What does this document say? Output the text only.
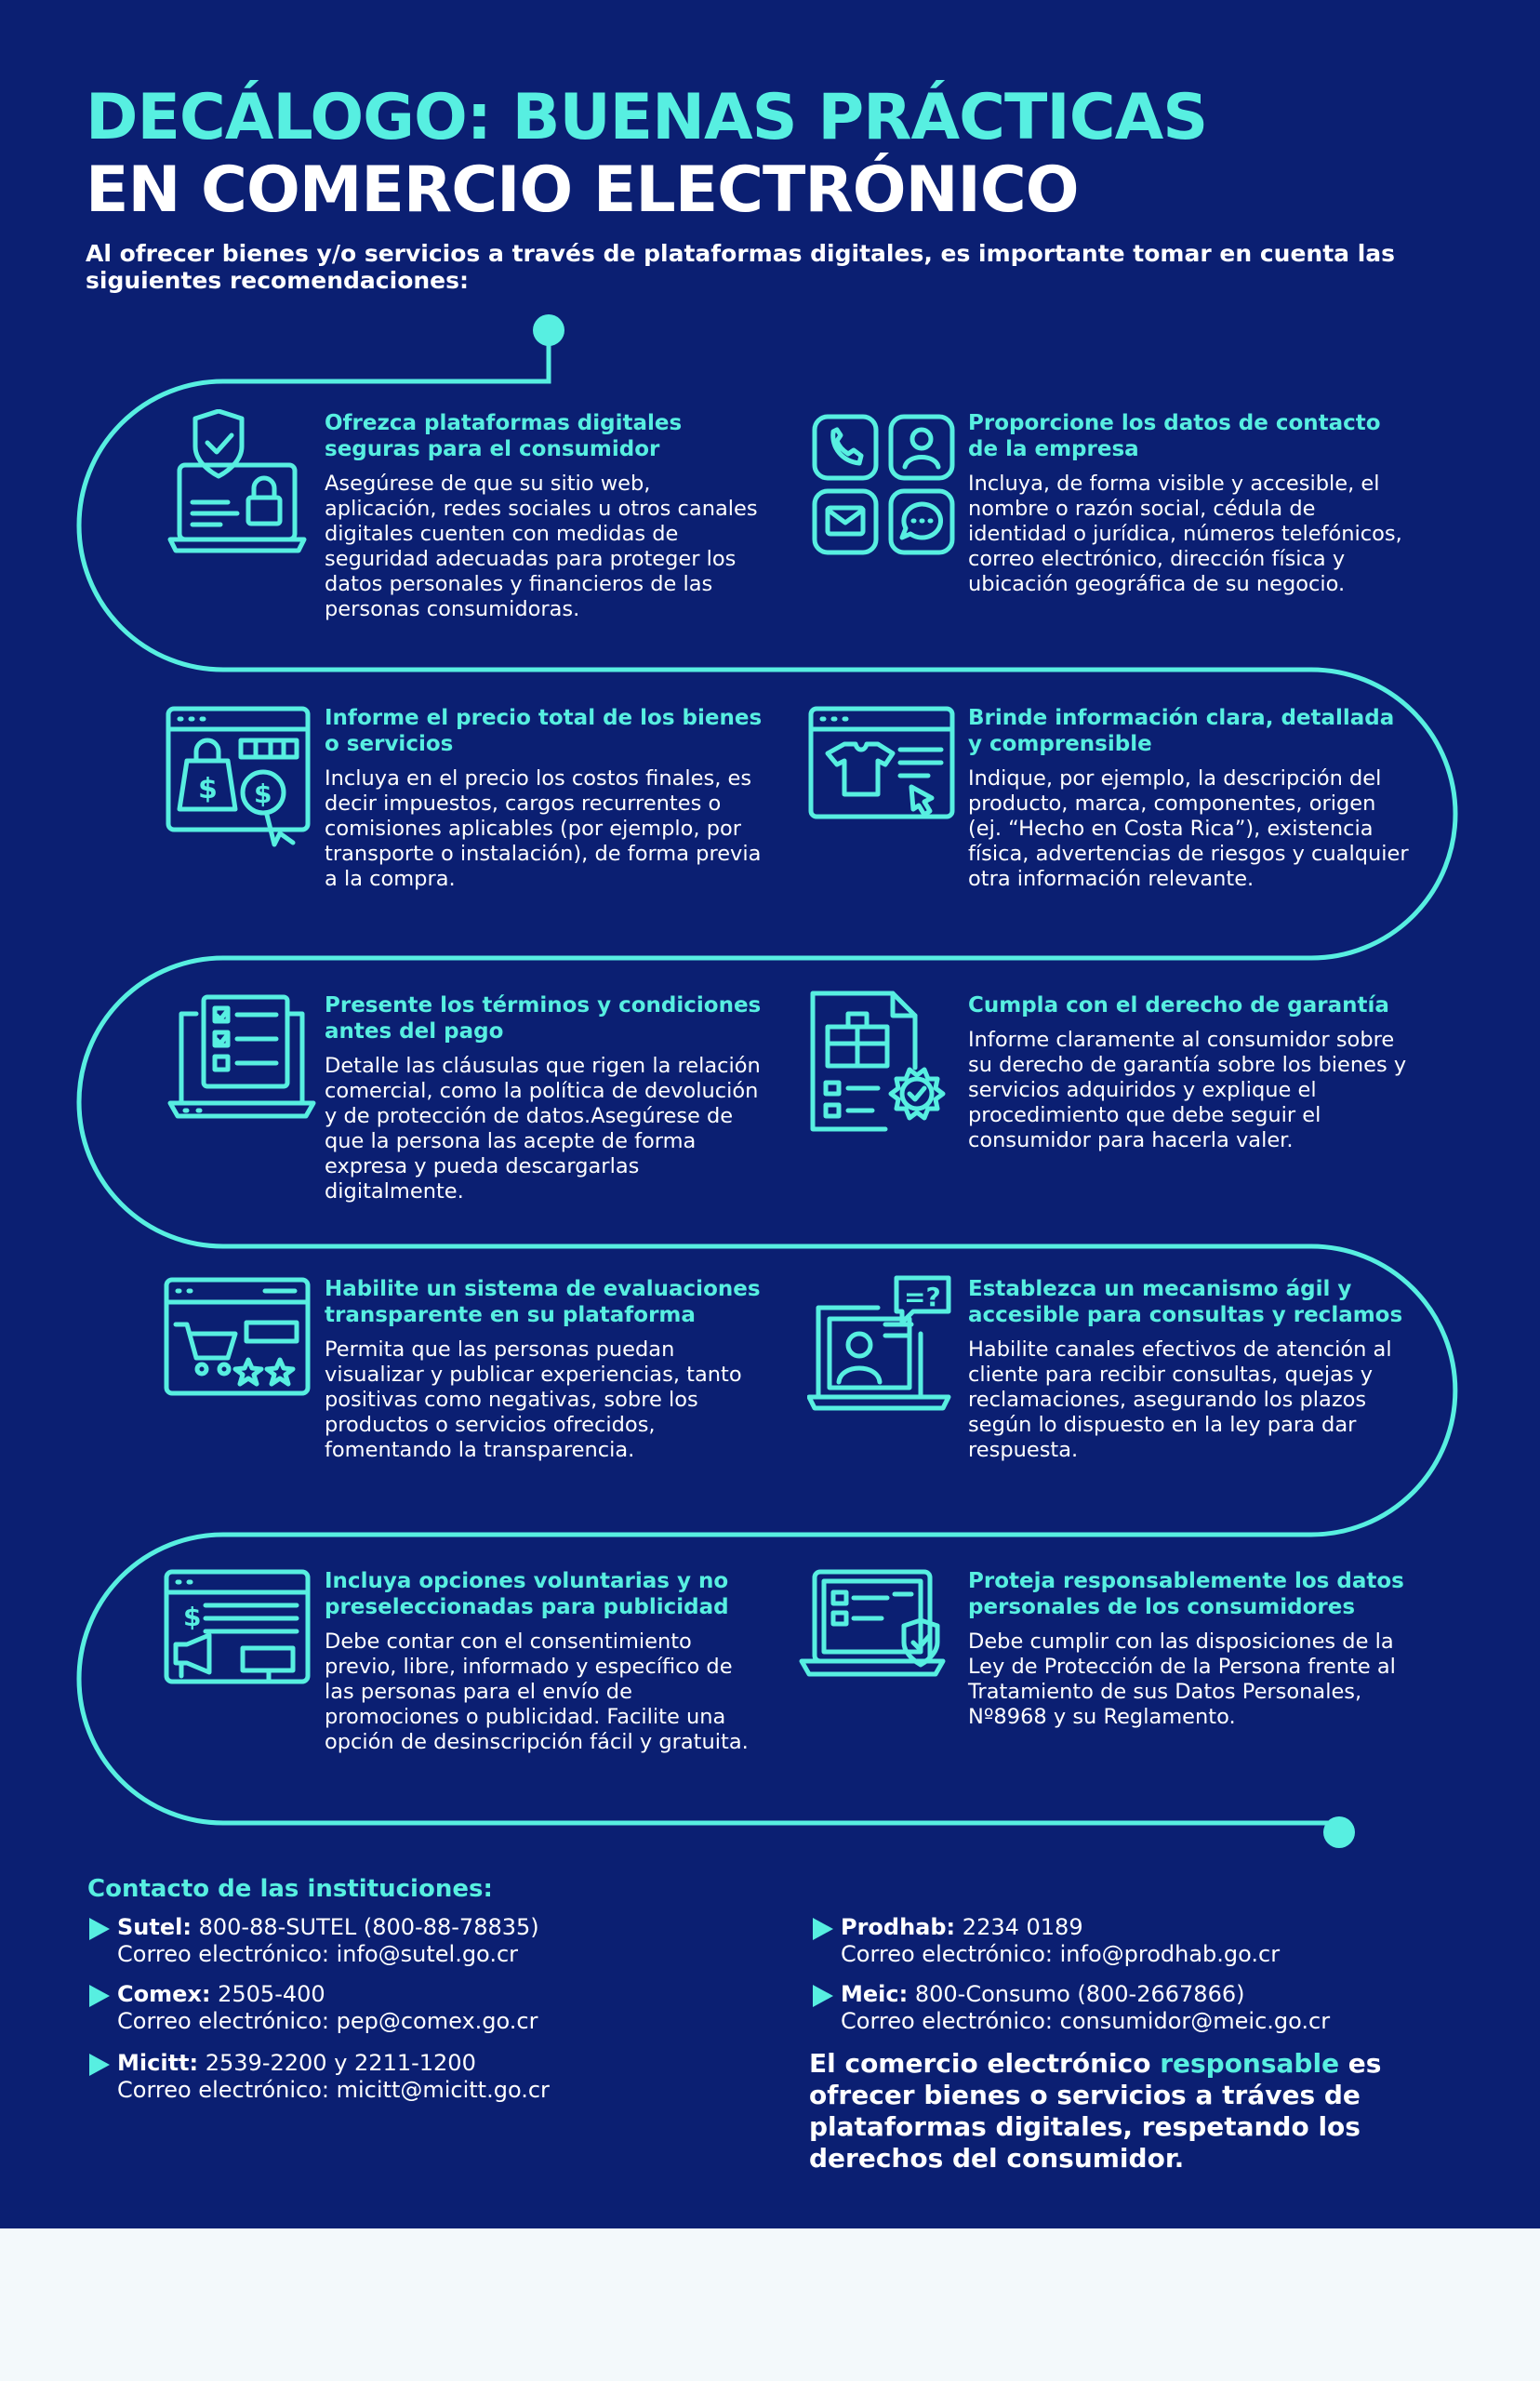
DECÁLOGO: BUENAS PRÁCTICAS
EN COMERCIO ELECTRÓNICO

Al ofrecer bienes y/o servicios a través de plataformas digitales, es importante tomar en cuenta las siguientes recomendaciones:

$ $
=?
$
Ofrezca plataformas digitales seguras para el consumidor

Asegúrese de que su sitio web, aplicación, redes sociales u otros canales digitales cuenten con medidas de seguridad adecuadas para proteger los datos personales y financieros de las personas consumidoras.

Proporcione los datos de contacto de la empresa

Incluya, de forma visible y accesible, el nombre o razón social, cédula de identidad o jurídica, números telefónicos, correo electrónico, dirección física y ubicación geográfica de su negocio.

Informe el precio total de los bienes o servicios

Incluya en el precio los costos finales, es decir impuestos, cargos recurrentes o comisiones aplicables (por ejemplo, por transporte o instalación), de forma previa a la compra.

Brinde información clara, detallada y comprensible

Indique, por ejemplo, la descripción del producto, marca, componentes, origen (ej. “Hecho en Costa Rica”), existencia física, advertencias de riesgos y cualquier otra información relevante.

Presente los términos y condiciones antes del pago

Detalle las cláusulas que rigen la relación comercial, como la política de devolución y de protección de datos.Asegúrese de que la persona las acepte de forma expresa y pueda descargarlas digitalmente.

Cumpla con el derecho de garantía

Informe claramente al consumidor sobre su derecho de garantía sobre los bienes y servicios adquiridos y explique el procedimiento que debe seguir el consumidor para hacerla valer.

Habilite un sistema de evaluaciones transparente en su plataforma

Permita que las personas puedan visualizar y publicar experiencias, tanto positivas como negativas, sobre los productos o servicios ofrecidos, fomentando la transparencia.

Establezca un mecanismo ágil y accesible para consultas y reclamos

Habilite canales efectivos de atención al cliente para recibir consultas, quejas y reclamaciones, asegurando los plazos según lo dispuesto en la ley para dar respuesta.

Incluya opciones voluntarias y no preseleccionadas para publicidad

Debe contar con el consentimiento previo, libre, informado y específico de las personas para el envío de promociones o publicidad. Facilite una opción de desinscripción fácil y gratuita.

Proteja responsablemente los datos personales de los consumidores

Debe cumplir con las disposiciones de la Ley de Protección de la Persona frente al Tratamiento de sus Datos Personales, Nº8968 y su Reglamento.

Contacto de las instituciones:

Sutel: 800-88-SUTEL (800-88-78835)
Correo electrónico: info@sutel.go.cr
Comex: 2505-400
Correo electrónico: pep@comex.go.cr
Micitt: 2539-2200 y 2211-1200
Correo electrónico: micitt@micitt.go.cr
Prodhab: 2234 0189
Correo electrónico: info@prodhab.go.cr
Meic: 800-Consumo (800-2667866)
Correo electrónico: consumidor@meic.go.cr

El comercio electrónico responsable es ofrecer bienes o servicios a tráves de plataformas digitales, respetando los derechos del consumidor.
